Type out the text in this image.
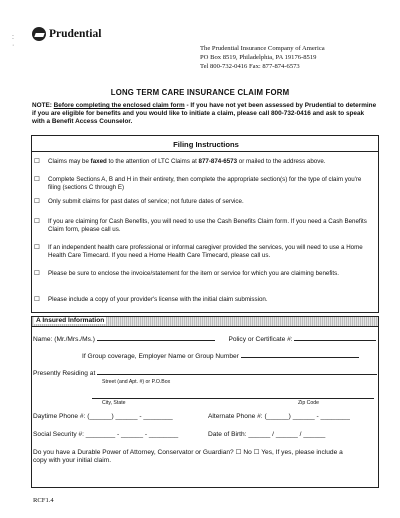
:
·
Prudential
The Prudential Insurance Company of America
PO Box 8519, Philadelphia, PA 19176-8519
Tel 800-732-0416 Fax: 877-874-6573
LONG TERM CARE INSURANCE CLAIM FORM
NOTE: Before completing the enclosed claim form - If you have not yet been assessed by Prudential to determine if you are eligible for benefits and you would like to initiate a claim, please call 800-732-0416 and ask to speak with a Benefit Access Counselor.
Filing Instructions
☐	Claims may be faxed to the attention of LTC Claims at 877-874-6573 or mailed to the address above.
☐	Complete Sections A, B and H in their entirety, then complete the appropriate section(s) for the type of claim you're filing (sections C through E)
☐	Only submit claims for past dates of service; not future dates of service.
☐	If you are claiming for Cash Benefits, you will need to use the Cash Benefits Claim form. If you need a Cash Benefits Claim form, please call us.
☐	If an independent health care professional or informal caregiver provided the services, you will need to use a Home Health Care Timecard. If you need a Home Health Care Timecard, please call us.
☐	Please be sure to enclose the invoice/statement for the item or service for which you are claiming benefits.
☐	Please include a copy of your provider's license with the initial claim submission.
A Insured Information
Name: (Mr./Mrs./Ms.)	Policy or Certificate #:
If Group coverage, Employer Name or Group Number
Presently Residing at
Street (and Apt. #) or P.O.Box
City, State	Zip Code
Daytime Phone #: (______) ______ - ________	Alternate Phone #: (______) ______ - ________
Social Security #: ________ - ______ - ________	Date of Birth: ______ / ______ / ______
Do you have a Durable Power of Attorney, Conservator or Guardian? ☐ No ☐ Yes, If yes, please include a
copy with your initial claim.
RCF1.4
